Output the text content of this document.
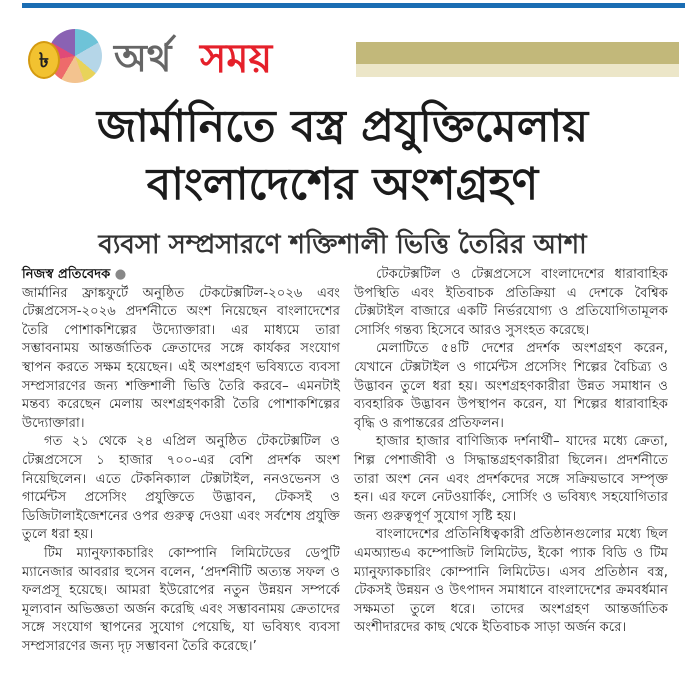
৳ অর্থ সময়
জার্মানিতে বস্ত্র প্রযুক্তিমেলায়
বাংলাদেশের অংশগ্রহণ
ব্যবসা সম্প্রসারণে শক্তিশালী ভিত্তি তৈরির আশা
নিজস্ব প্রতিবেদক ●

জার্মানির ফ্রাঙ্কফুর্টে অনুষ্ঠিত টেকটেক্সটিল-২০২৬ এবং টেক্সপ্রসেস-২০২৬ প্রদর্শনীতে অংশ নিয়েছেন বাংলাদেশের তৈরি পোশাকশিল্পের উদ্যোক্তারা। এর মাধ্যমে তারা সম্ভাবনাময় আন্তর্জাতিক ক্রেতাদের সঙ্গে কার্যকর সংযোগ স্থাপন করতে সক্ষম হয়েছেন। এই অংশগ্রহণ ভবিষ্যতে ব্যবসা সম্প্রসারণের জন্য শক্তিশালী ভিত্তি তৈরি করবে– এমনটাই মন্তব্য করেছেন মেলায় অংশগ্রহণকারী তৈরি পোশাকশিল্পের উদ্যোক্তারা।

গত ২১ থেকে ২৪ এপ্রিল অনুষ্ঠিত টেকটেক্সটিল ও টেক্সপ্রসেসে ১ হাজার ৭০০-এর বেশি প্রদর্শক অংশ নিয়েছিলেন। এতে টেকনিক্যাল টেক্সটাইল, ননওভেনস ও গার্মেন্টস প্রসেসিং প্রযুক্তিতে উদ্ভাবন, টেকসই ও ডিজিটালাইজেশনের ওপর গুরুত্ব দেওয়া এবং সর্বশেষ প্রযুক্তি তুলে ধরা হয়।

টিম ম্যানুফ্যাকচারিং কোম্পানি লিমিটেডের ডেপুটি ম্যানেজার আবরার হুসেন বলেন, ‘প্রদর্শনীটি অত্যন্ত সফল ও ফলপ্রসূ হয়েছে। আমরা ইউরোপের নতুন উন্নয়ন সম্পর্কে মূল্যবান অভিজ্ঞতা অর্জন করেছি এবং সম্ভাবনাময় ক্রেতাদের সঙ্গে সংযোগ স্থাপনের সুযোগ পেয়েছি, যা ভবিষ্যৎ ব্যবসা সম্প্রসারণের জন্য দৃঢ় সম্ভাবনা তৈরি করেছে।’

টেকটেক্সটিল ও টেক্সপ্রসেসে বাংলাদেশের ধারাবাহিক উপস্থিতি এবং ইতিবাচক প্রতিক্রিয়া এ দেশকে বৈশ্বিক টেক্সটাইল বাজারে একটি নির্ভরযোগ্য ও প্রতিযোগিতামূলক সোর্সিং গন্তব্য হিসেবে আরও সুসংহত করেছে।

মেলাটিতে ৫৪টি দেশের প্রদর্শক অংশগ্রহণ করেন, যেখানে টেক্সটাইল ও গার্মেন্টস প্রসেসিং শিল্পের বৈচিত্র্য ও উদ্ভাবন তুলে ধরা হয়। অংশগ্রহণকারীরা উন্নত সমাধান ও ব্যবহারিক উদ্ভাবন উপস্থাপন করেন, যা শিল্পের ধারাবাহিক বৃদ্ধি ও রূপান্তরের প্রতিফলন।

হাজার হাজার বাণিজ্যিক দর্শনার্থী– যাদের মধ্যে ক্রেতা, শিল্প পেশাজীবী ও সিদ্ধান্তগ্রহণকারীরা ছিলেন। প্রদর্শনীতে তারা অংশ নেন এবং প্রদর্শকদের সঙ্গে সক্রিয়ভাবে সম্পৃক্ত হন। এর ফলে নেটওয়ার্কিং, সোর্সিং ও ভবিষ্যৎ সহযোগিতার জন্য গুরুত্বপূর্ণ সুযোগ সৃষ্টি হয়।

বাংলাদেশের প্রতিনিধিত্বকারী প্রতিষ্ঠানগুলোর মধ্যে ছিল এমঅ্যান্ডএ কম্পোজিট লিমিটেড, ইকো প্যাক বিডি ও টিম ম্যানুফ্যাকচারিং কোম্পানি লিমিটেড। এসব প্রতিষ্ঠান বস্ত্র, টেকসই উন্নয়ন ও উৎপাদন সমাধানে বাংলাদেশের ক্রমবর্ধমান সক্ষমতা তুলে ধরে। তাদের অংশগ্রহণ আন্তর্জাতিক অংশীদারদের কাছ থেকে ইতিবাচক সাড়া অর্জন করে।
